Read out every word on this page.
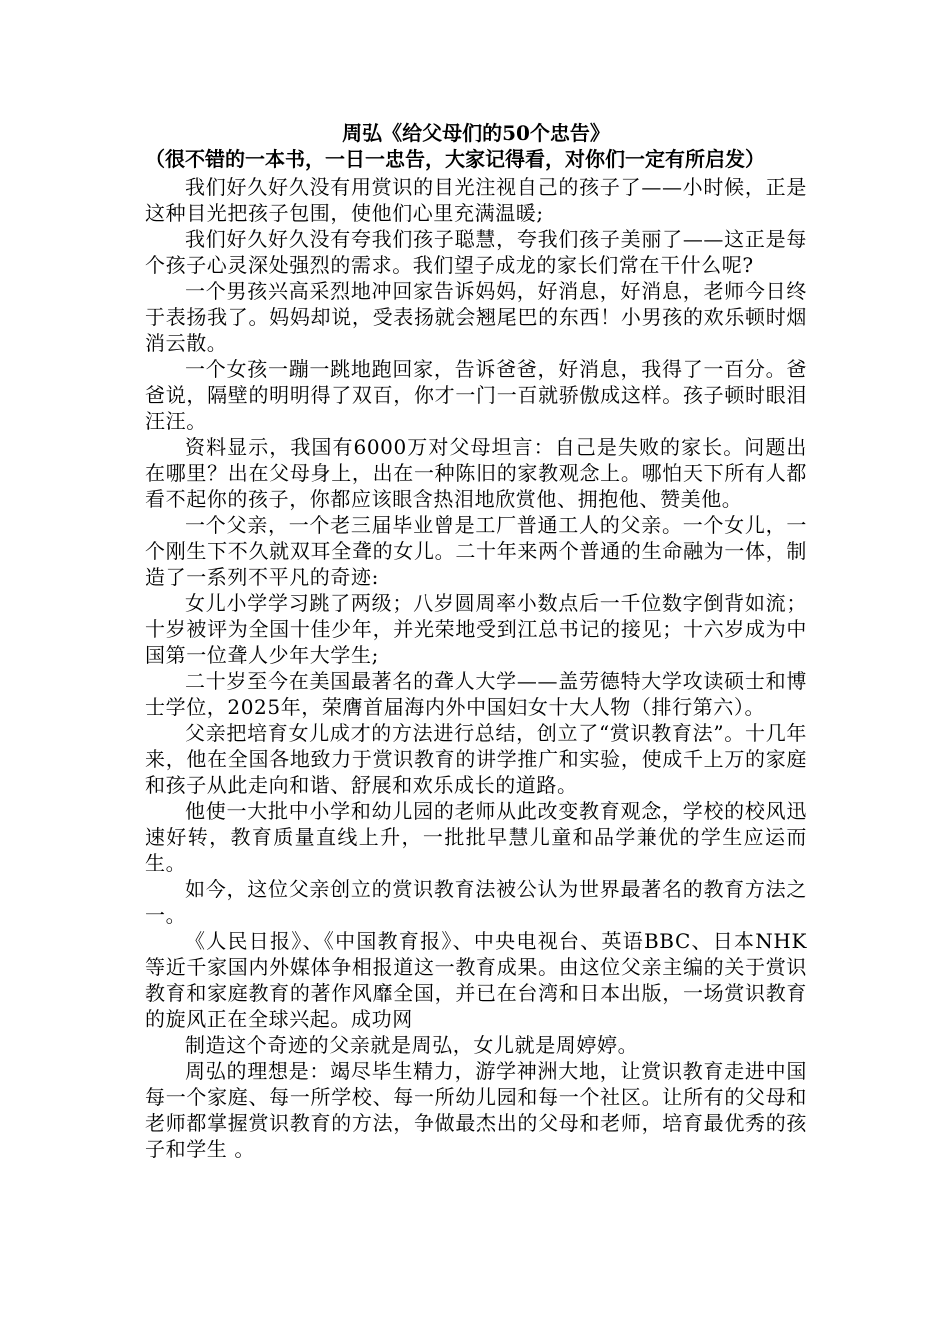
周弘《给父母们的50个忠告》

（很不错的一本书，一日一忠告，大家记得看，对你们一定有所启发）

我们好久好久没有用赏识的目光注视自己的孩子了——小时候，正是这种目光把孩子包围，使他们心里充满温暖;

我们好久好久没有夸我们孩子聪慧，夸我们孩子美丽了——这正是每个孩子心灵深处强烈的需求。我们望子成龙的家长们常在干什么呢?

一个男孩兴高采烈地冲回家告诉妈妈，好消息，好消息，老师今日终于表扬我了。妈妈却说，受表扬就会翘尾巴的东西！小男孩的欢乐顿时烟消云散。

一个女孩一蹦一跳地跑回家，告诉爸爸，好消息，我得了一百分。爸爸说，隔壁的明明得了双百，你才一门一百就骄傲成这样。孩子顿时眼泪汪汪。

资料显示，我国有6000万对父母坦言：自己是失败的家长。问题出在哪里？出在父母身上，出在一种陈旧的家教观念上。哪怕天下所有人都看不起你的孩子，你都应该眼含热泪地欣赏他、拥抱他、赞美他。

一个父亲，一个老三届毕业曾是工厂普通工人的父亲。一个女儿，一个刚生下不久就双耳全聋的女儿。二十年来两个普通的生命融为一体，制造了一系列不平凡的奇迹:

女儿小学学习跳了两级；八岁圆周率小数点后一千位数字倒背如流；十岁被评为全国十佳少年，并光荣地受到江总书记的接见；十六岁成为中国第一位聋人少年大学生;

二十岁至今在美国最著名的聋人大学——盖劳德特大学攻读硕士和博士学位，2025年，荣膺首届海内外中国妇女十大人物（排行第六）。

父亲把培育女儿成才的方法进行总结，创立了“赏识教育法”。十几年来，他在全国各地致力于赏识教育的讲学推广和实验，使成千上万的家庭和孩子从此走向和谐、舒展和欢乐成长的道路。

他使一大批中小学和幼儿园的老师从此改变教育观念，学校的校风迅速好转，教育质量直线上升，一批批早慧儿童和品学兼优的学生应运而生。

如今，这位父亲创立的赏识教育法被公认为世界最著名的教育方法之一。

《人民日报》、《中国教育报》、中央电视台、英语BBC、日本NHK等近千家国内外媒体争相报道这一教育成果。由这位父亲主编的关于赏识教育和家庭教育的著作风靡全国，并已在台湾和日本出版，一场赏识教育的旋风正在全球兴起。成功网

制造这个奇迹的父亲就是周弘，女儿就是周婷婷。

周弘的理想是：竭尽毕生精力，游学神洲大地，让赏识教育走进中国每一个家庭、每一所学校、每一所幼儿园和每一个社区。让所有的父母和老师都掌握赏识教育的方法，争做最杰出的父母和老师，培育最优秀的孩子和学生 。
